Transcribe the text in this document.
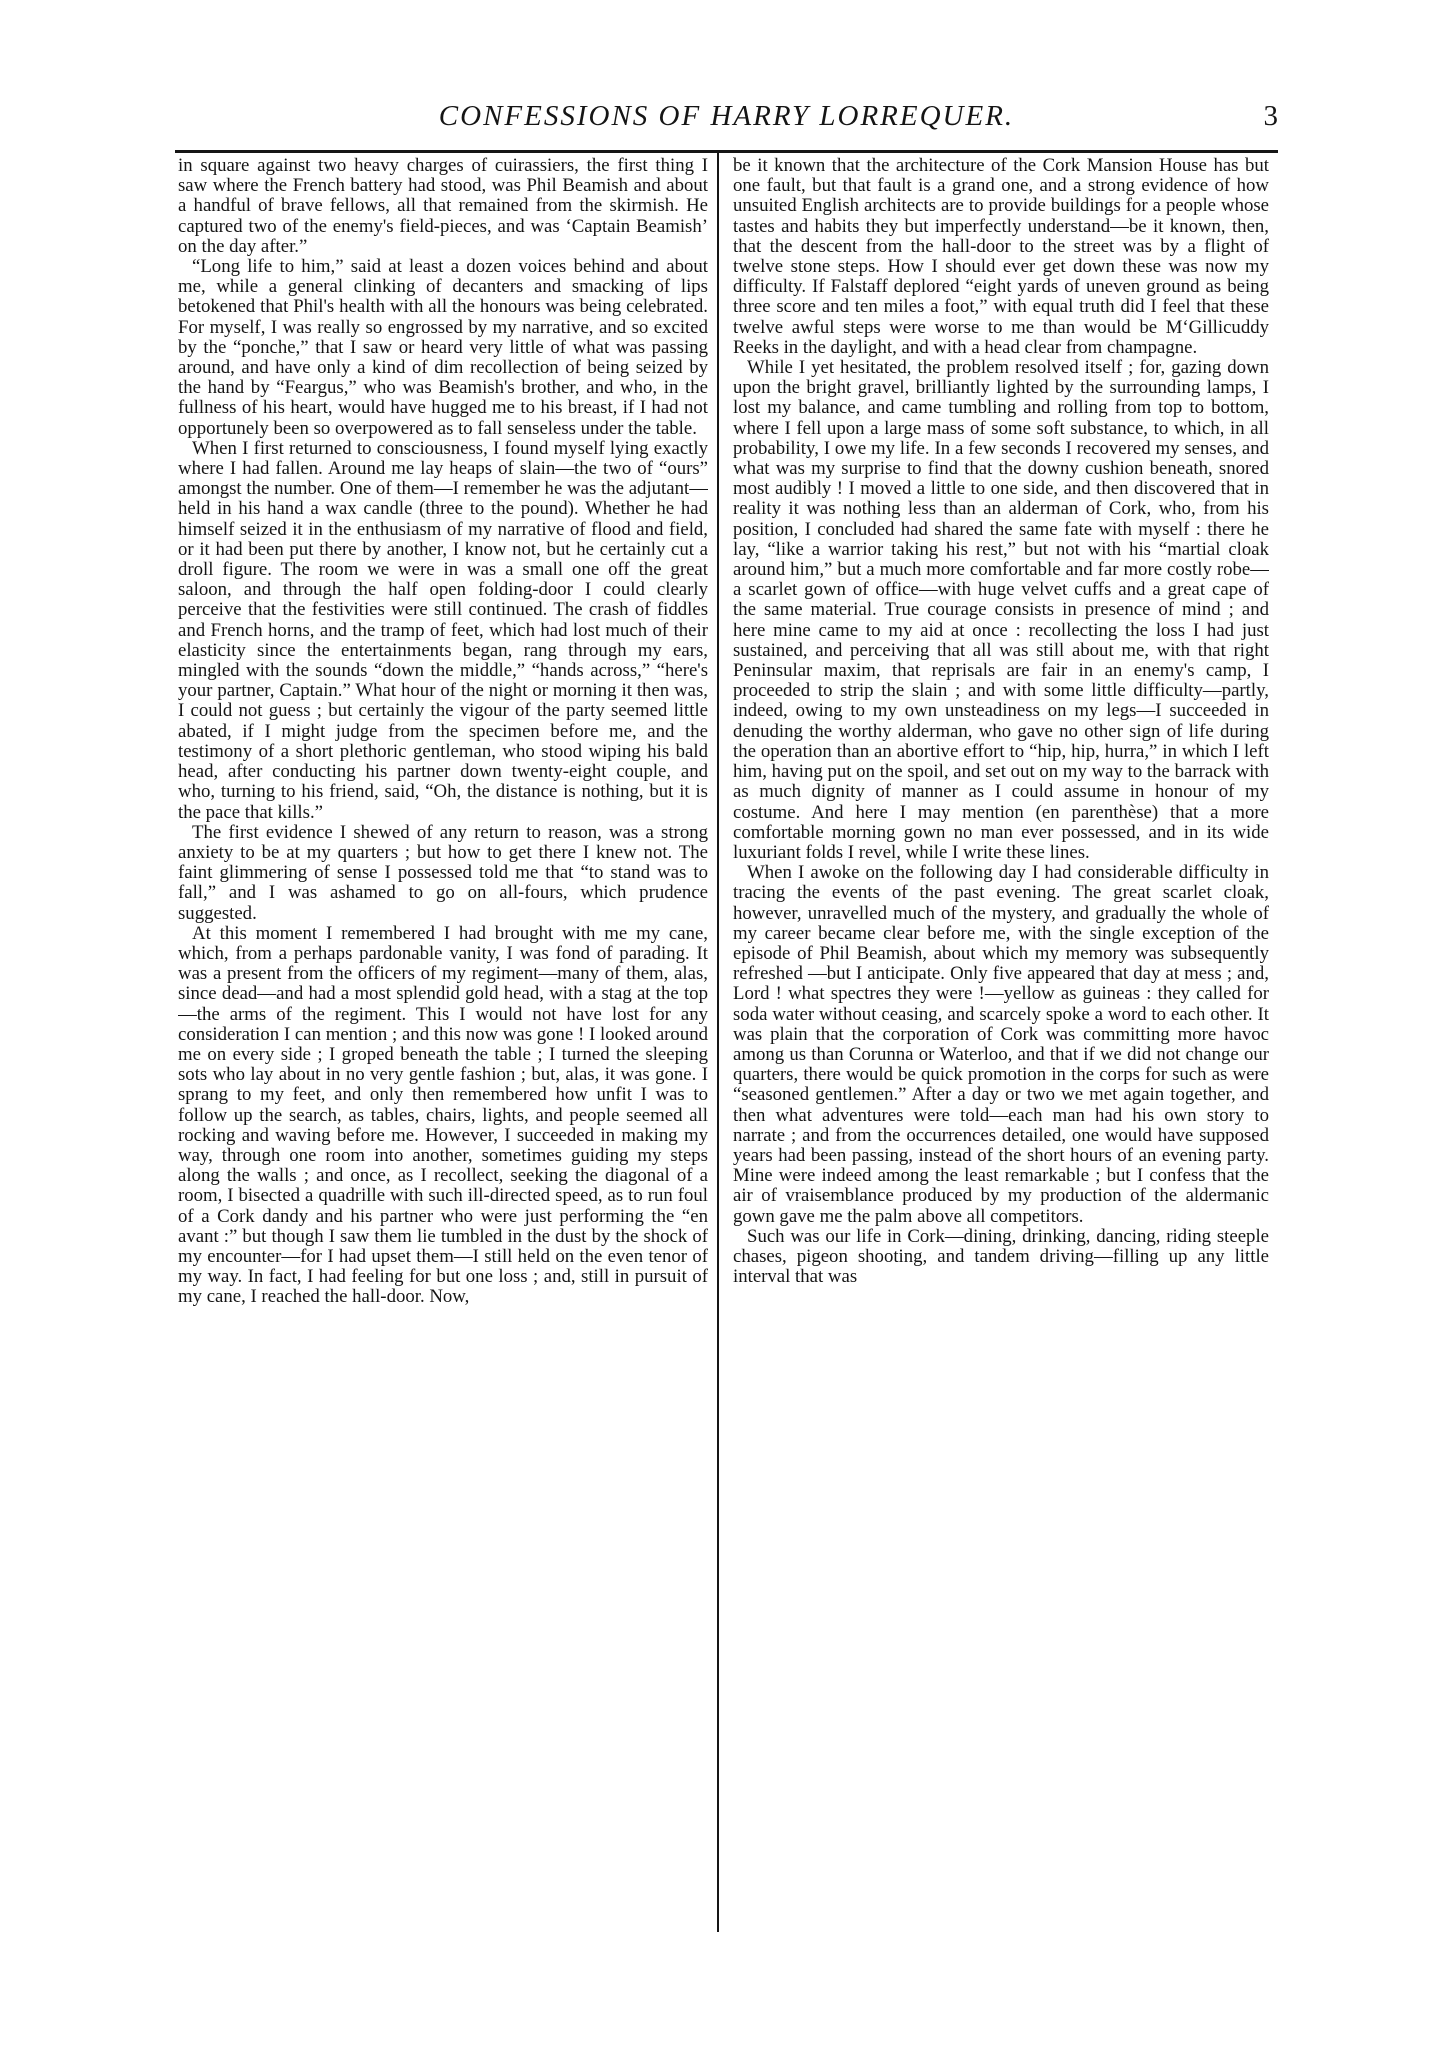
CONFESSIONS OF HARRY LORREQUER.	3

in square against two heavy charges of cuirassiers, the first thing I saw where the French battery had stood, was Phil Beamish and about a handful of brave fellows, all that remained from the skirmish. He captured two of the enemy's field-pieces, and was ‘Captain Beamish’ on the day after.”

“Long life to him,” said at least a dozen voices behind and about me, while a general clinking of decanters and smacking of lips betokened that Phil's health with all the honours was being celebrated. For myself, I was really so engrossed by my narrative, and so excited by the “ponche,” that I saw or heard very little of what was passing around, and have only a kind of dim recollection of being seized by the hand by “Feargus,” who was Beamish's brother, and who, in the fullness of his heart, would have hugged me to his breast, if I had not opportunely been so overpowered as to fall senseless under the table.

When I first returned to consciousness, I found myself lying exactly where I had fallen. Around me lay heaps of slain—the two of “ours” amongst the number. One of them—I remember he was the adjutant—held in his hand a wax candle (three to the pound). Whether he had himself seized it in the enthusiasm of my narrative of flood and field, or it had been put there by another, I know not, but he certainly cut a droll figure. The room we were in was a small one off the great saloon, and through the half open folding-door I could clearly perceive that the festivities were still continued. The crash of fiddles and French horns, and the tramp of feet, which had lost much of their elasticity since the entertainments began, rang through my ears, mingled with the sounds “down the middle,” “hands across,” “here's your partner, Captain.” What hour of the night or morning it then was, I could not guess ; but certainly the vigour of the party seemed little abated, if I might judge from the specimen before me, and the testimony of a short plethoric gentleman, who stood wiping his bald head, after conducting his partner down twenty-eight couple, and who, turning to his friend, said, “Oh, the distance is nothing, but it is the pace that kills.”

The first evidence I shewed of any return to reason, was a strong anxiety to be at my quarters ; but how to get there I knew not. The faint glimmering of sense I possessed told me that “to stand was to fall,” and I was ashamed to go on all-fours, which prudence suggested.

At this moment I remembered I had brought with me my cane, which, from a perhaps pardonable vanity, I was fond of parading. It was a present from the officers of my regiment—many of them, alas, since dead—and had a most splendid gold head, with a stag at the top—the arms of the regiment. This I would not have lost for any consideration I can mention ; and this now was gone ! I looked around me on every side ; I groped beneath the table ; I turned the sleeping sots who lay about in no very gentle fashion ; but, alas, it was gone. I sprang to my feet, and only then remembered how unfit I was to follow up the search, as tables, chairs, lights, and people seemed all rocking and waving before me. However, I succeeded in making my way, through one room into another, sometimes guiding my steps along the walls ; and once, as I recollect, seeking the diagonal of a room, I bisected a quadrille with such ill-directed speed, as to run foul of a Cork dandy and his partner who were just performing the “en avant :” but though I saw them lie tumbled in the dust by the shock of my encounter—for I had upset them—I still held on the even tenor of my way. In fact, I had feeling for but one loss ; and, still in pursuit of my cane, I reached the hall-door. Now,

be it known that the architecture of the Cork Mansion House has but one fault, but that fault is a grand one, and a strong evidence of how unsuited English architects are to provide buildings for a people whose tastes and habits they but imperfectly understand—be it known, then, that the descent from the hall-door to the street was by a flight of twelve stone steps. How I should ever get down these was now my difficulty. If Falstaff deplored “eight yards of uneven ground as being three score and ten miles a foot,” with equal truth did I feel that these twelve awful steps were worse to me than would be M‘Gillicuddy Reeks in the daylight, and with a head clear from champagne.

While I yet hesitated, the problem resolved itself ; for, gazing down upon the bright gravel, brilliantly lighted by the surrounding lamps, I lost my balance, and came tumbling and rolling from top to bottom, where I fell upon a large mass of some soft substance, to which, in all probability, I owe my life. In a few seconds I recovered my senses, and what was my surprise to find that the downy cushion beneath, snored most audibly ! I moved a little to one side, and then discovered that in reality it was nothing less than an alderman of Cork, who, from his position, I concluded had shared the same fate with myself : there he lay, “like a warrior taking his rest,” but not with his “martial cloak around him,” but a much more comfortable and far more costly robe—a scarlet gown of office—with huge velvet cuffs and a great cape of the same material. True courage consists in presence of mind ; and here mine came to my aid at once : recollecting the loss I had just sustained, and perceiving that all was still about me, with that right Peninsular maxim, that reprisals are fair in an enemy's camp, I proceeded to strip the slain ; and with some little difficulty—partly, indeed, owing to my own unsteadiness on my legs—I succeeded in denuding the worthy alderman, who gave no other sign of life during the operation than an abortive effort to “hip, hip, hurra,” in which I left him, having put on the spoil, and set out on my way to the barrack with as much dignity of manner as I could assume in honour of my costume. And here I may mention (en parenthèse) that a more comfortable morning gown no man ever possessed, and in its wide luxuriant folds I revel, while I write these lines.

When I awoke on the following day I had considerable difficulty in tracing the events of the past evening. The great scarlet cloak, however, unravelled much of the mystery, and gradually the whole of my career became clear before me, with the single exception of the episode of Phil Beamish, about which my memory was subsequently refreshed —but I anticipate. Only five appeared that day at mess ; and, Lord ! what spectres they were !—yellow as guineas : they called for soda water without ceasing, and scarcely spoke a word to each other. It was plain that the corporation of Cork was committing more havoc among us than Corunna or Waterloo, and that if we did not change our quarters, there would be quick promotion in the corps for such as were “seasoned gentlemen.” After a day or two we met again together, and then what adventures were told—each man had his own story to narrate ; and from the occurrences detailed, one would have supposed years had been passing, instead of the short hours of an evening party. Mine were indeed among the least remarkable ; but I confess that the air of vraisemblance produced by my production of the aldermanic gown gave me the palm above all competitors.

Such was our life in Cork—dining, drinking, dancing, riding steeple chases, pigeon shooting, and tandem driving—filling up any little interval that was
